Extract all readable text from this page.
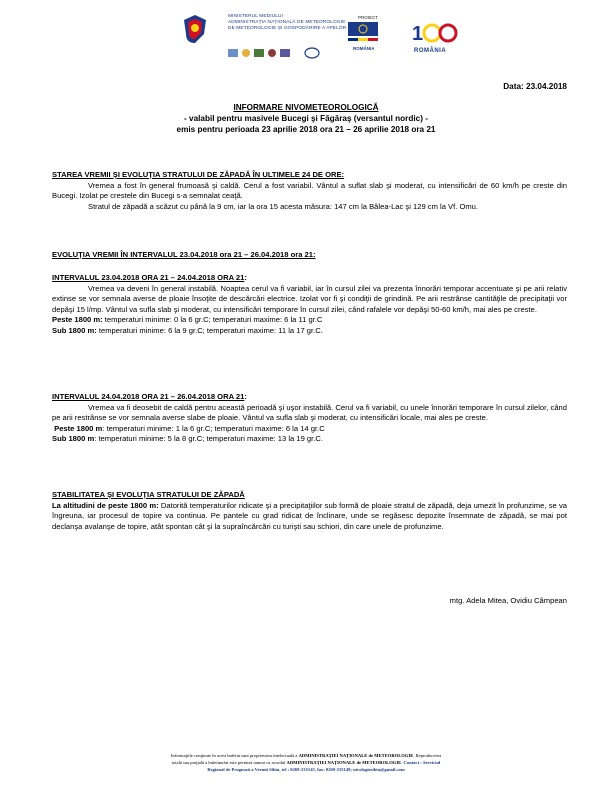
MINISTERUL MEDIULUI
ADMINISTRAȚIA NAȚIONALĂ DE METEOROLOGIE
DE METEOROLOGIE ȘI GOSPODĂRIRE A APELOR
PROIECT
ROMÂNIA
1
ROMÂNIA
Data: 23.04.2018
INFORMARE NIVOMETEOROLOGICĂ
- valabil pentru masivele Bucegi şi Făgăraş (versantul nordic) -
emis pentru perioada 23 aprilie 2018 ora 21 – 26 aprilie 2018 ora 21

STAREA VREMII ŞI EVOLUŢIA STRATULUI DE ZĂPADĂ ÎN ULTIMELE 24 DE ORE:

Vremea a fost în general frumoasă şi caldă. Cerul a fost variabil. Vântul a suflat slab şi moderat, cu intensificări de 60 km/h pe creste din Bucegi. Izolat pe crestele din Bucegi s-a semnalat ceaţă.

Stratul de zăpadă a scăzut cu până la 9 cm, iar la ora 15 acesta măsura: 147 cm la Bâlea-Lac şi 129 cm la Vf. Omu.

EVOLUŢIA VREMII ÎN INTERVALUL 23.04.2018 ora 21 – 26.04.2018 ora 21:

INTERVALUL 23.04.2018 ORA 21 – 24.04.2018 ORA 21:

Vremea va deveni în general instabilă. Noaptea cerul va fi variabil, iar în cursul zilei va prezenta înnorări temporar accentuate şi pe arii relativ extinse se vor semnala averse de ploaie însoţite de descărcări electrice. Izolat vor fi şi condiţii de grindină. Pe arii restrânse cantităţile de precipitaţii vor depăşi 15 l/mp. Vântul va sufla slab şi moderat, cu intensificări temporare în cursul zilei, când rafalele vor depăşi 50-60 km/h, mai ales pe creste.

Peste 1800 m: temperaturi minime: 0 la 6 gr.C; temperaturi maxime: 6 la 11 gr.C

Sub 1800 m: temperaturi minime: 6 la 9 gr.C; temperaturi maxime: 11 la 17 gr.C.

INTERVALUL 24.04.2018 ORA 21 – 26.04.2018 ORA 21:

Vremea va fi deosebit de caldă pentru această perioadă şi uşor instabilă. Cerul va fi variabil, cu unele înnorări temporare în cursul zilelor, când pe arii restrânse se vor semnala averse slabe de ploaie. Vântul va sufla slab şi moderat, cu intensificări locale, mai ales pe creste.

Peste 1800 m: temperaturi minime: 1 la 6 gr.C; temperaturi maxime: 6 la 14 gr.C

Sub 1800 m: temperaturi minime: 5 la 8 gr.C; temperaturi maxime: 13 la 19 gr.C.

STABILITATEA ŞI EVOLUŢIA STRATULUI DE ZĂPADĂ

La altitudini de peste 1800 m: Datorită temperaturilor ridicate şi a precipitaţiilor sub formă de ploaie stratul de zăpadă, deja umezit în profunzime, se va îngreuna, iar procesul de topire va continua. Pe pantele cu grad ridicat de înclinare, unde se regăsesc depozite însemnate de zăpadă, se mai pot declanşa avalanşe de topire, atât spontan cât şi la supraîncărcări cu turişti sau schiori, din care unele de profunzime.

mtg. Adela Mitea, Ovidiu Câmpean
Informaţiile conţinute în acest buletin sunt proprietatea intelectuală a ADMINISTRAŢIEI NAŢIONALE de METEOROLOGIE. Reproducerea
totală sau parţială a buletinului este permisă numai cu acordul ADMINISTRAŢIEI NAŢIONALE de METEOROLOGIE. Contact : Serviciul
Regional de Prognoză a Vremii Sibiu, tel : 0269-235145, fax: 0269-235149; nivologiesibiu@gmail.com
